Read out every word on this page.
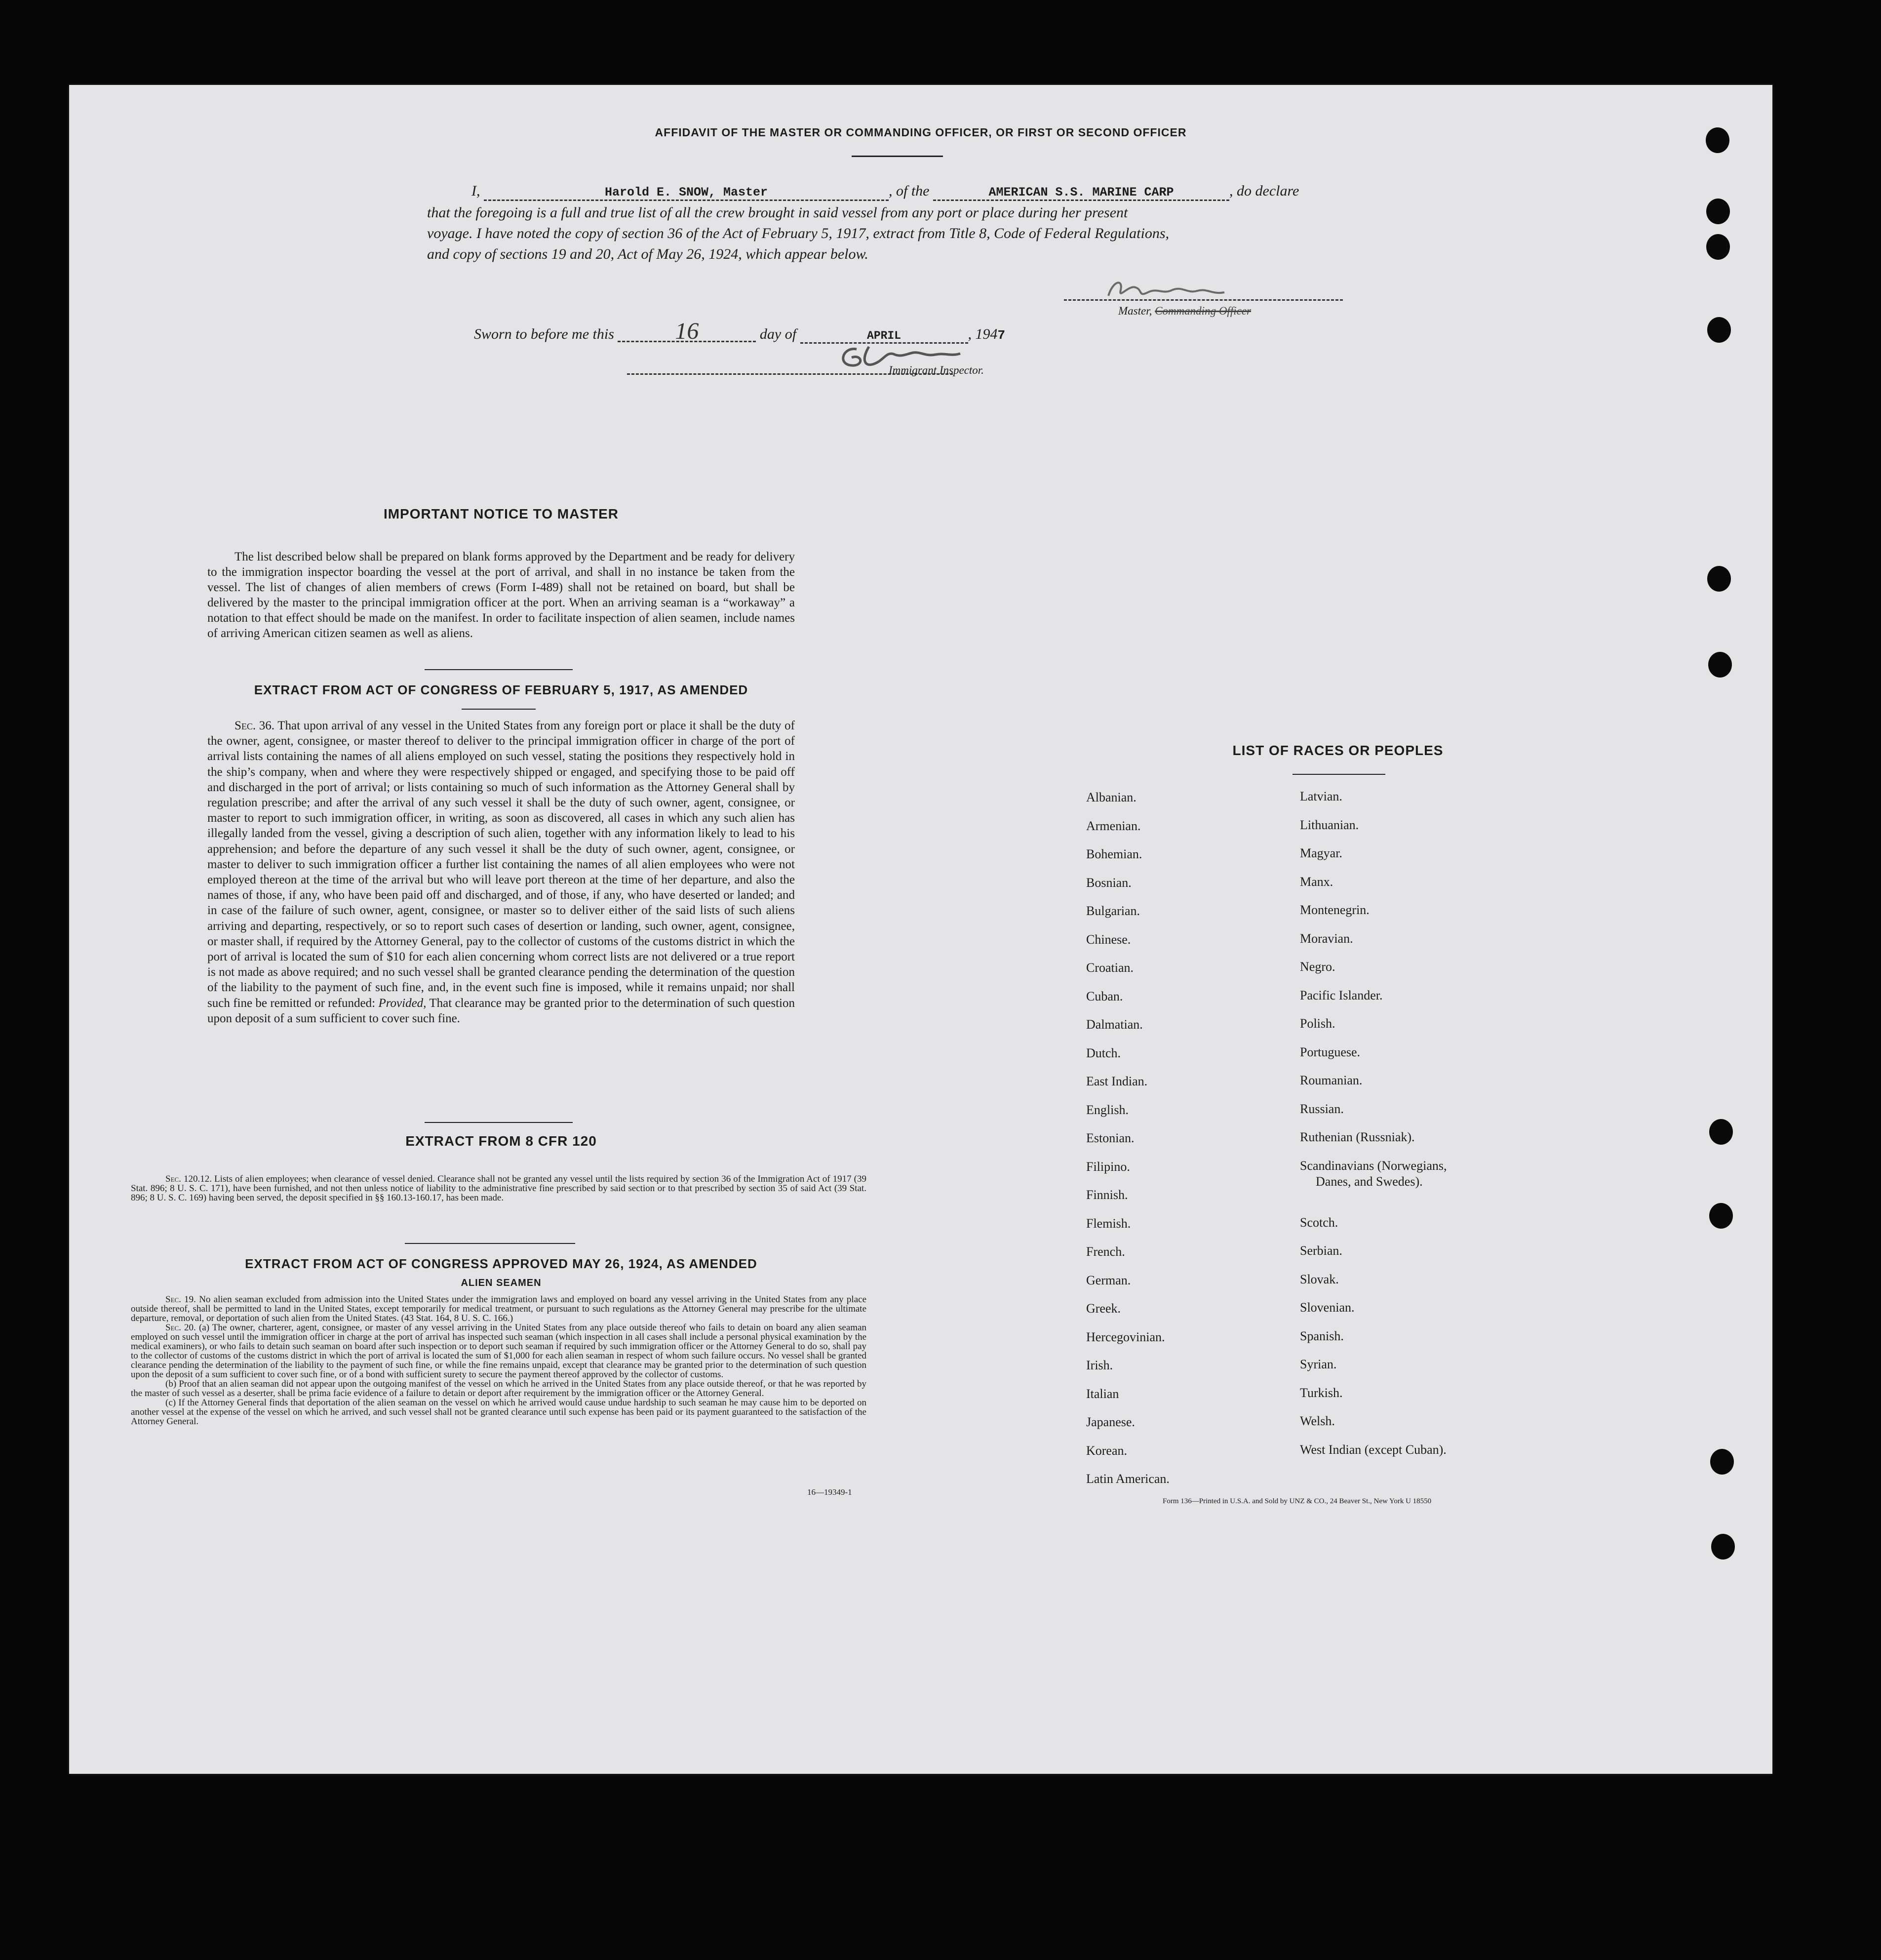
AFFIDAVIT OF THE MASTER OR COMMANDING OFFICER, OR FIRST OR SECOND OFFICER
I,	Harold E. SNOW, Master	, of the	AMERICAN S.S. MARINE CARP	, do declare
that the foregoing is a full and true list of all the crew brought in said vessel from any port or place during her present
voyage. I have noted the copy of section 36 of the Act of February 5, 1917, extract from Title 8, Code of Federal Regulations,
and copy of sections 19 and 20, Act of May 26, 1924, which appear below.
Master, Commanding Officer
Sworn to before me this	16	day of	APRIL	, 1947
Immigrant Inspector.
IMPORTANT NOTICE TO MASTER
The list described below shall be prepared on blank forms approved by the Department and be ready for delivery to the immigration inspector boarding the vessel at the port of arrival, and shall in no instance be taken from the vessel. The list of changes of alien members of crews (Form I-489) shall not be retained on board, but shall be delivered by the master to the principal immigration officer at the port. When an arriving seaman is a “workaway” a notation to that effect should be made on the manifest. In order to facilitate inspection of alien seamen, include names of arriving American citizen seamen as well as aliens.
EXTRACT FROM ACT OF CONGRESS OF FEBRUARY 5, 1917, AS AMENDED
Sec. 36. That upon arrival of any vessel in the United States from any foreign port or place it shall be the duty of the owner, agent, consignee, or master thereof to deliver to the principal immigration officer in charge of the port of arrival lists containing the names of all aliens employed on such vessel, stating the positions they respectively hold in the ship’s company, when and where they were respectively shipped or engaged, and specifying those to be paid off and discharged in the port of arrival; or lists containing so much of such information as the Attorney General shall by regulation prescribe; and after the arrival of any such vessel it shall be the duty of such owner, agent, consignee, or master to report to such immigration officer, in writing, as soon as discovered, all cases in which any such alien has illegally landed from the vessel, giving a description of such alien, together with any information likely to lead to his apprehension; and before the departure of any such vessel it shall be the duty of such owner, agent, consignee, or master to deliver to such immigration officer a further list containing the names of all alien employees who were not employed thereon at the time of the arrival but who will leave port thereon at the time of her departure, and also the names of those, if any, who have been paid off and discharged, and of those, if any, who have deserted or landed; and in case of the failure of such owner, agent, consignee, or master so to deliver either of the said lists of such aliens arriving and departing, respectively, or so to report such cases of desertion or landing, such owner, agent, consignee, or master shall, if required by the Attorney General, pay to the collector of customs of the customs district in which the port of arrival is located the sum of $10 for each alien concerning whom correct lists are not delivered or a true report is not made as above required; and no such vessel shall be granted clearance pending the determination of the question of the liability to the payment of such fine, and, in the event such fine is imposed, while it remains unpaid; nor shall such fine be remitted or refunded: Provided, That clearance may be granted prior to the determination of such question upon deposit of a sum sufficient to cover such fine.
EXTRACT FROM 8 CFR 120
Sec. 120.12. Lists of alien employees; when clearance of vessel denied. Clearance shall not be granted any vessel until the lists required by section 36 of the Immigration Act of 1917 (39 Stat. 896; 8 U. S. C. 171), have been furnished, and not then unless notice of liability to the administrative fine prescribed by said section or to that prescribed by section 35 of said Act (39 Stat. 896; 8 U. S. C. 169) having been served, the deposit specified in §§ 160.13-160.17, has been made.
EXTRACT FROM ACT OF CONGRESS APPROVED MAY 26, 1924, AS AMENDED
ALIEN SEAMEN
Sec. 19. No alien seaman excluded from admission into the United States under the immigration laws and employed on board any vessel arriving in the United States from any place outside thereof, shall be permitted to land in the United States, except temporarily for medical treatment, or pursuant to such regulations as the Attorney General may prescribe for the ultimate departure, removal, or deportation of such alien from the United States. (43 Stat. 164, 8 U. S. C. 166.)
Sec. 20. (a) The owner, charterer, agent, consignee, or master of any vessel arriving in the United States from any place outside thereof who fails to detain on board any alien seaman employed on such vessel until the immigration officer in charge at the port of arrival has inspected such seaman (which inspection in all cases shall include a personal physical examination by the medical examiners), or who fails to detain such seaman on board after such inspection or to deport such seaman if required by such immigration officer or the Attorney General to do so, shall pay to the collector of customs of the customs district in which the port of arrival is located the sum of $1,000 for each alien seaman in respect of whom such failure occurs. No vessel shall be granted clearance pending the determination of the liability to the payment of such fine, or while the fine remains unpaid, except that clearance may be granted prior to the determination of such question upon the deposit of a sum sufficient to cover such fine, or of a bond with sufficient surety to secure the payment thereof approved by the collector of customs.
(b) Proof that an alien seaman did not appear upon the outgoing manifest of the vessel on which he arrived in the United States from any place outside thereof, or that he was reported by the master of such vessel as a deserter, shall be prima facie evidence of a failure to detain or deport after requirement by the immigration officer or the Attorney General.
(c) If the Attorney General finds that deportation of the alien seaman on the vessel on which he arrived would cause undue hardship to such seaman he may cause him to be deported on another vessel at the expense of the vessel on which he arrived, and such vessel shall not be granted clearance until such expense has been paid or its payment guaranteed to the satisfaction of the Attorney General.
16—19349-1
LIST OF RACES OR PEOPLES
Form 136—Printed in U.S.A. and Sold by UNZ & CO., 24 Beaver St., New York U 18550
Albanian.
Armenian.
Bohemian.
Bosnian.
Bulgarian.
Chinese.
Croatian.
Cuban.
Dalmatian.
Dutch.
East Indian.
English.
Estonian.
Filipino.
Finnish.
Flemish.
French.
German.
Greek.
Hercegovinian.
Irish.
Italian
Japanese.
Korean.
Latin American.
Latvian.
Lithuanian.
Magyar.
Manx.
Montenegrin.
Moravian.
Negro.
Pacific Islander.
Polish.
Portuguese.
Roumanian.
Russian.
Ruthenian (Russniak).
Scandinavians (Norwegians,
Danes, and Swedes).
Scotch.
Serbian.
Slovak.
Slovenian.
Spanish.
Syrian.
Turkish.
Welsh.
West Indian (except Cuban).
